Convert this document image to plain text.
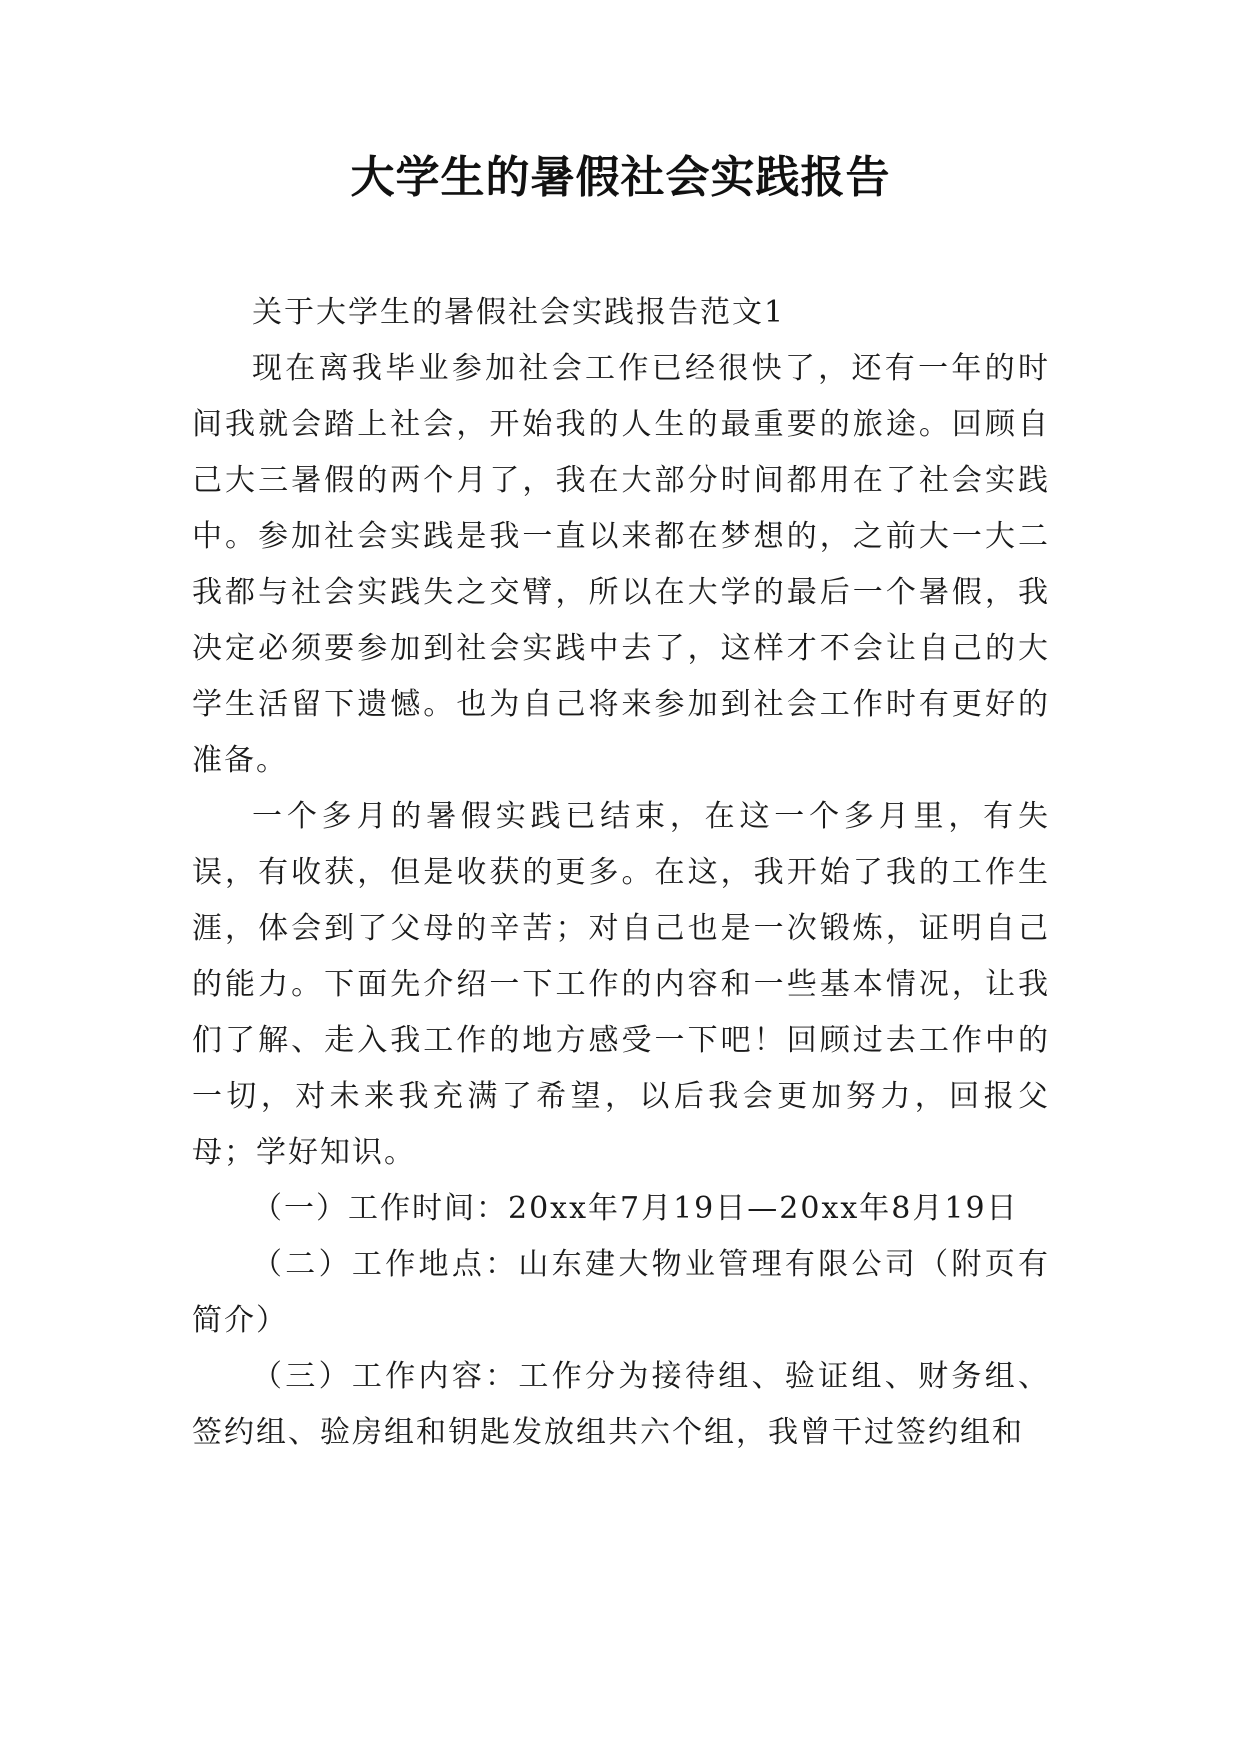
大学生的暑假社会实践报告

关于大学生的暑假社会实践报告范文1

现在离我毕业参加社会工作已经很快了，还有一年的时间我就会踏上社会，开始我的人生的最重要的旅途。回顾自己大三暑假的两个月了，我在大部分时间都用在了社会实践中。参加社会实践是我一直以来都在梦想的，之前大一大二我都与社会实践失之交臂，所以在大学的最后一个暑假，我决定必须要参加到社会实践中去了，这样才不会让自己的大学生活留下遗憾。也为自己将来参加到社会工作时有更好的准备。

一个多月的暑假实践已结束，在这一个多月里，有失误，有收获，但是收获的更多。在这，我开始了我的工作生涯，体会到了父母的辛苦；对自己也是一次锻炼，证明自己的能力。下面先介绍一下工作的内容和一些基本情况，让我们了解、走入我工作的地方感受一下吧！回顾过去工作中的一切，对未来我充满了希望，以后我会更加努力，回报父母；学好知识。

（一）工作时间：20xx年7月19日—20xx年8月19日

（二）工作地点：山东建大物业管理有限公司（附页有简介）

（三）工作内容：工作分为接待组、验证组、财务组、签约组、验房组和钥匙发放组共六个组，我曾干过签约组和
